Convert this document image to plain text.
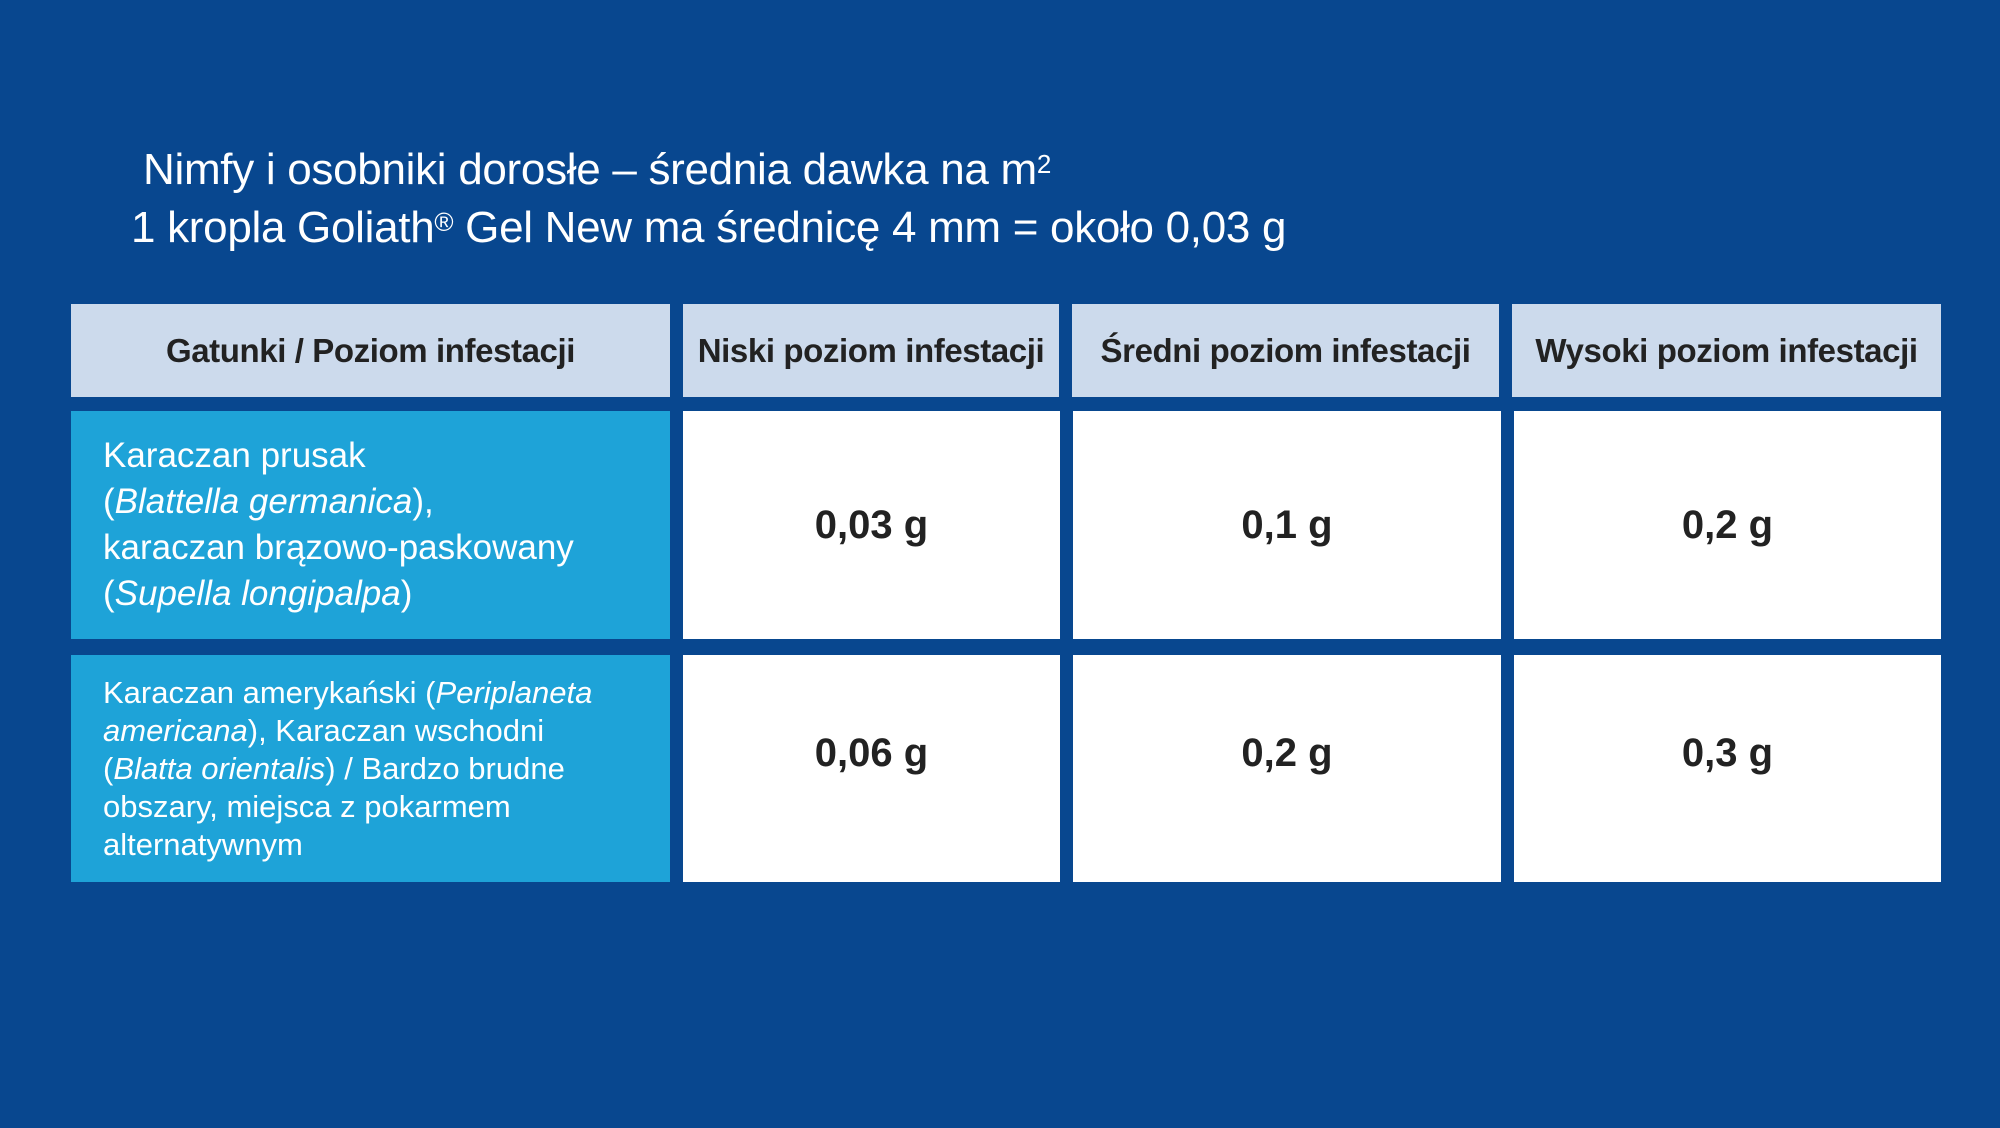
Nimfy i osobniki dorosłe – średnia dawka na $m^2$
1 kropla Goliath® Gel New ma średnicę 4 mm = około 0,03 g
Gatunki / Poziom infestacji	Niski poziom infestacji	Średni poziom infestacji	Wysoki poziom infestacji
Karaczan prusak
(Blattella germanica),
karaczan brązowo-paskowany
(Supella longipalpa)
0,03 g	0,1 g	0,2 g
Karaczan amerykański (Periplaneta
americana), Karaczan wschodni
(Blatta orientalis) / Bardzo brudne
obszary, miejsca z pokarmem
alternatywnym
0,06 g	0,2 g	0,3 g
